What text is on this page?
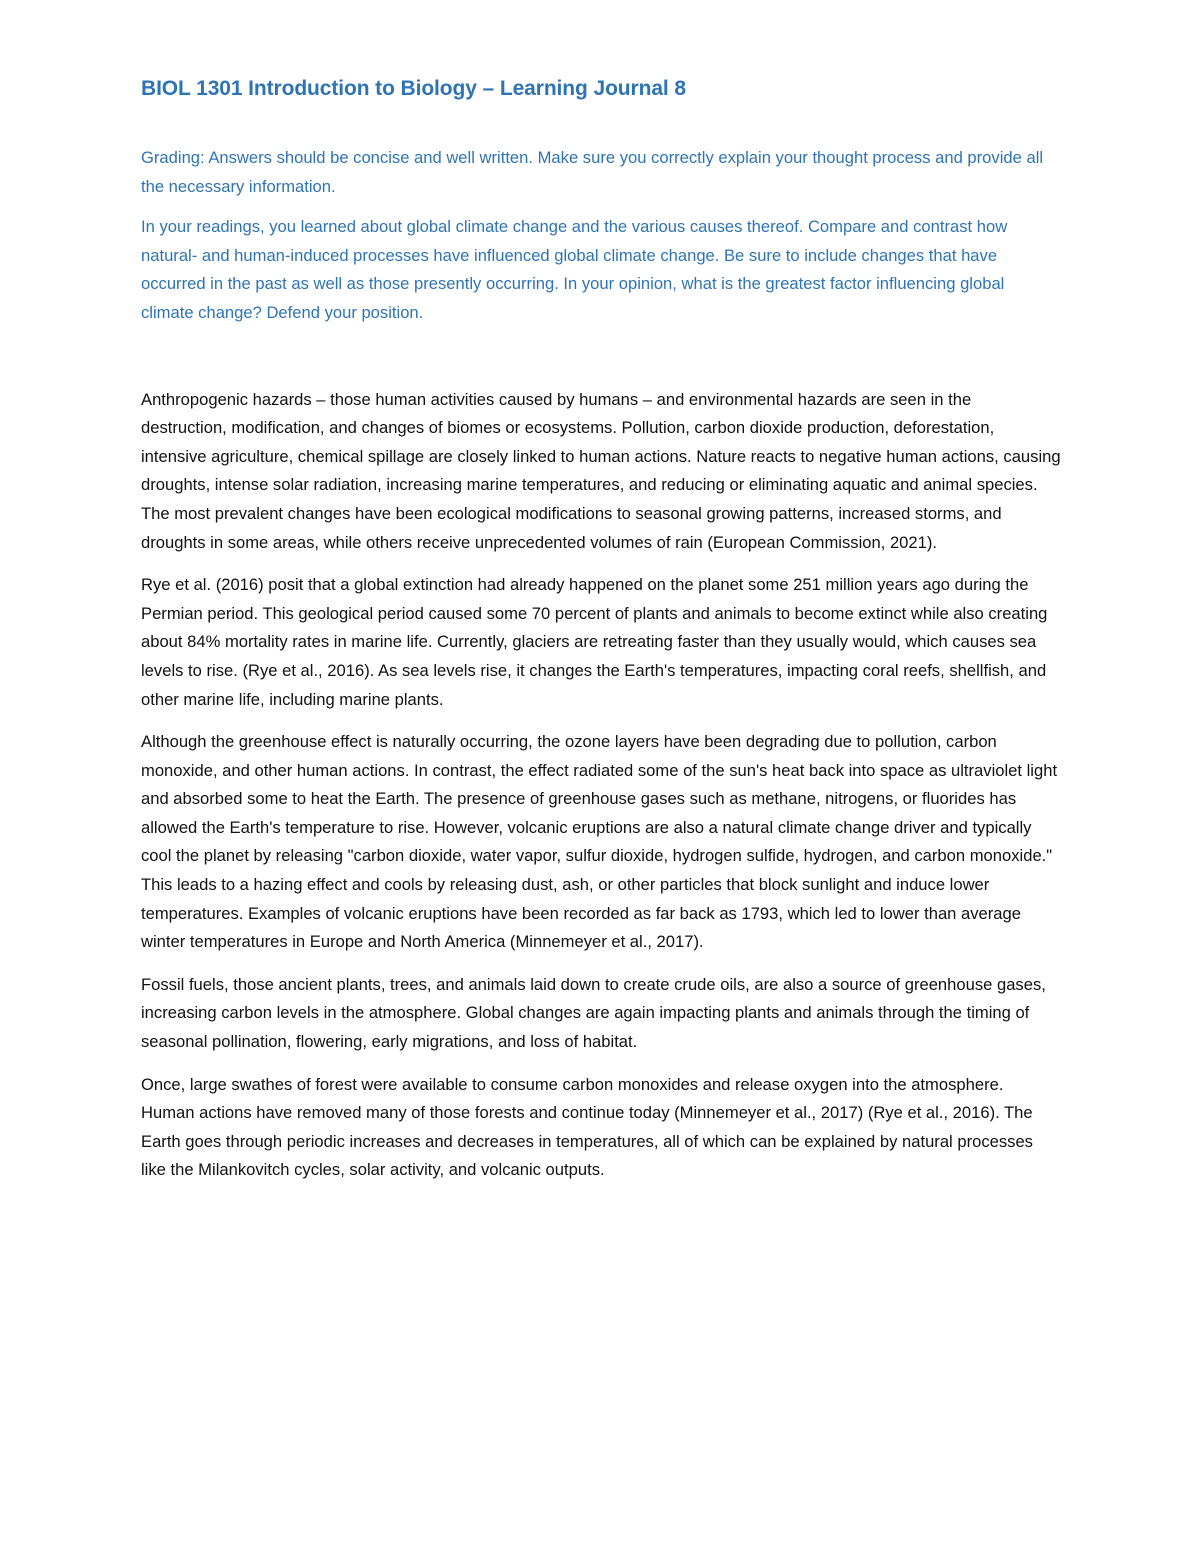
BIOL 1301 Introduction to Biology – Learning Journal 8

Grading: Answers should be concise and well written. Make sure you correctly explain your thought process and provide all the necessary information.

In your readings, you learned about global climate change and the various causes thereof. Compare and contrast how natural- and human-induced processes have influenced global climate change. Be sure to include changes that have occurred in the past as well as those presently occurring. In your opinion, what is the greatest factor influencing global climate change? Defend your position.

Anthropogenic hazards – those human activities caused by humans – and environmental hazards are seen in the destruction, modification, and changes of biomes or ecosystems. Pollution, carbon dioxide production, deforestation, intensive agriculture, chemical spillage are closely linked to human actions. Nature reacts to negative human actions, causing droughts, intense solar radiation, increasing marine temperatures, and reducing or eliminating aquatic and animal species. The most prevalent changes have been ecological modifications to seasonal growing patterns, increased storms, and droughts in some areas, while others receive unprecedented volumes of rain (European Commission, 2021).

Rye et al. (2016) posit that a global extinction had already happened on the planet some 251 million years ago during the Permian period. This geological period caused some 70 percent of plants and animals to become extinct while also creating about 84% mortality rates in marine life. Currently, glaciers are retreating faster than they usually would, which causes sea levels to rise. (Rye et al., 2016). As sea levels rise, it changes the Earth's temperatures, impacting coral reefs, shellfish, and other marine life, including marine plants.

Although the greenhouse effect is naturally occurring, the ozone layers have been degrading due to pollution, carbon monoxide, and other human actions. In contrast, the effect radiated some of the sun's heat back into space as ultraviolet light and absorbed some to heat the Earth. The presence of greenhouse gases such as methane, nitrogens, or fluorides has allowed the Earth's temperature to rise. However, volcanic eruptions are also a natural climate change driver and typically cool the planet by releasing "carbon dioxide, water vapor, sulfur dioxide, hydrogen sulfide, hydrogen, and carbon monoxide." This leads to a hazing effect and cools by releasing dust, ash, or other particles that block sunlight and induce lower temperatures. Examples of volcanic eruptions have been recorded as far back as 1793, which led to lower than average winter temperatures in Europe and North America (Minnemeyer et al., 2017).

Fossil fuels, those ancient plants, trees, and animals laid down to create crude oils, are also a source of greenhouse gases, increasing carbon levels in the atmosphere. Global changes are again impacting plants and animals through the timing of seasonal pollination, flowering, early migrations, and loss of habitat.

Once, large swathes of forest were available to consume carbon monoxides and release oxygen into the atmosphere. Human actions have removed many of those forests and continue today (Minnemeyer et al., 2017) (Rye et al., 2016). The Earth goes through periodic increases and decreases in temperatures, all of which can be explained by natural processes like the Milankovitch cycles, solar activity, and volcanic outputs.
